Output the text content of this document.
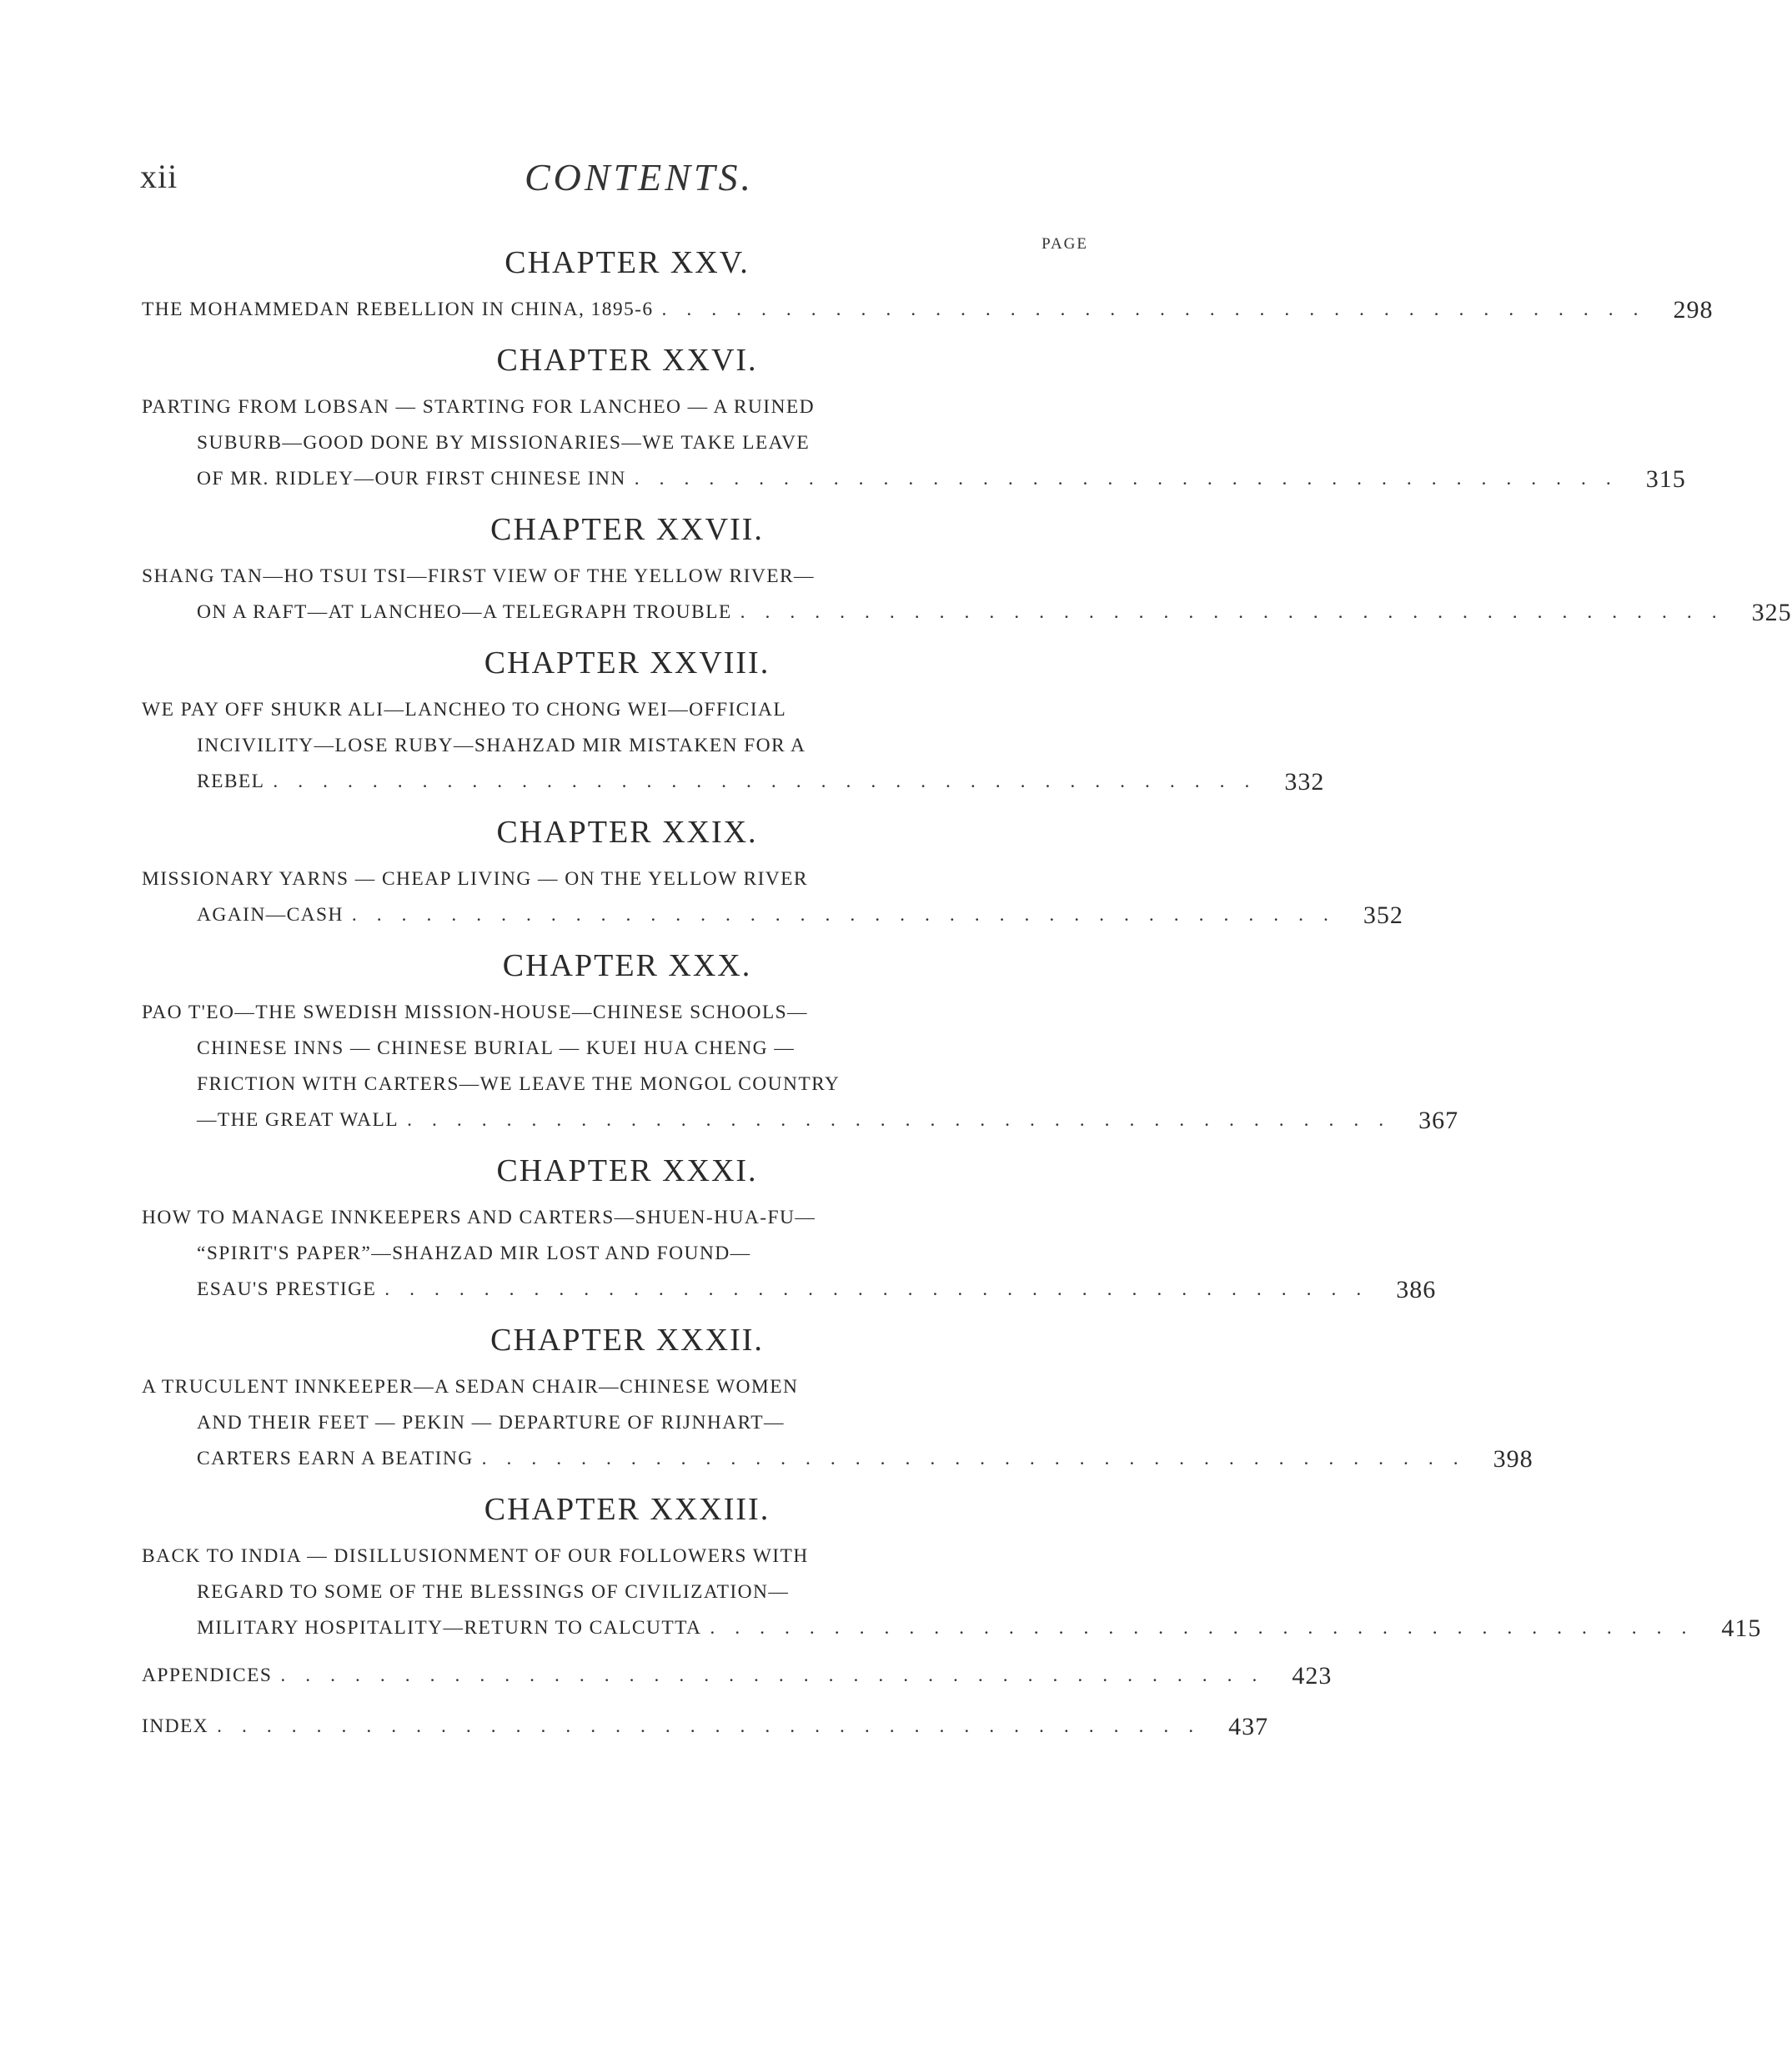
xii	CONTENTS.
PAGE
CHAPTER XXV.
THE MOHAMMEDAN REBELLION IN CHINA, 1895-6 ........................................ 298
CHAPTER XXVI.
PARTING FROM LOBSAN — STARTING FOR LANCHEO — A RUINED
SUBURB—GOOD DONE BY MISSIONARIES—WE TAKE LEAVE
OF MR. RIDLEY—OUR FIRST CHINESE INN ........................................ 315
CHAPTER XXVII.
SHANG TAN—HO TSUI TSI—FIRST VIEW OF THE YELLOW RIVER—
ON A RAFT—AT LANCHEO—A TELEGRAPH TROUBLE ........................................ 325
CHAPTER XXVIII.
WE PAY OFF SHUKR ALI—LANCHEO TO CHONG WEI—OFFICIAL
INCIVILITY—LOSE RUBY—SHAHZAD MIR MISTAKEN FOR A
REBEL ........................................ 332
CHAPTER XXIX.
MISSIONARY YARNS — CHEAP LIVING — ON THE YELLOW RIVER
AGAIN—CASH ........................................ 352
CHAPTER XXX.
PAO T'EO—THE SWEDISH MISSION-HOUSE—CHINESE SCHOOLS—
CHINESE INNS — CHINESE BURIAL — KUEI HUA CHENG —
FRICTION WITH CARTERS—WE LEAVE THE MONGOL COUNTRY
—THE GREAT WALL ........................................ 367
CHAPTER XXXI.
HOW TO MANAGE INNKEEPERS AND CARTERS—SHUEN-HUA-FU—
“SPIRIT'S PAPER”—SHAHZAD MIR LOST AND FOUND—
ESAU'S PRESTIGE ........................................ 386
CHAPTER XXXII.
A TRUCULENT INNKEEPER—A SEDAN CHAIR—CHINESE WOMEN
AND THEIR FEET — PEKIN — DEPARTURE OF RIJNHART—
CARTERS EARN A BEATING ........................................ 398
CHAPTER XXXIII.
BACK TO INDIA — DISILLUSIONMENT OF OUR FOLLOWERS WITH
REGARD TO SOME OF THE BLESSINGS OF CIVILIZATION—
MILITARY HOSPITALITY—RETURN TO CALCUTTA ........................................ 415
APPENDICES ........................................ 423
INDEX ........................................ 437
